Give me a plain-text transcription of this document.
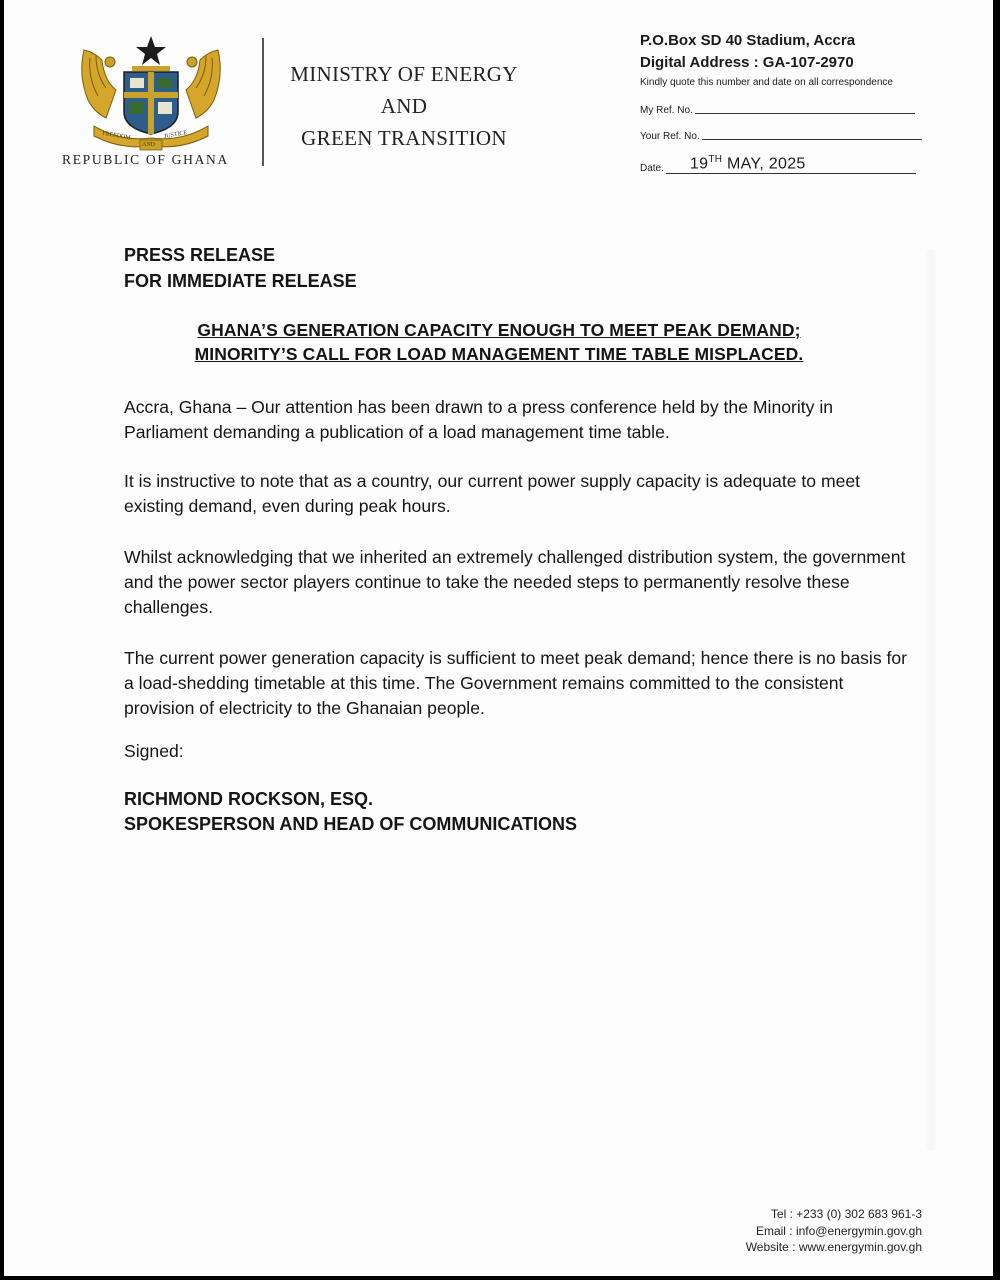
FREEDOM	JUSTICE
AND
REPUBLIC OF GHANA
MINISTRY OF ENERGY
AND
GREEN TRANSITION
P.O.Box SD 40 Stadium, Accra
Digital Address : GA-107-2970
Kindly quote this number and date on all correspondence
My Ref. No.
Your Ref. No.
Date.	19TH MAY, 2025
PRESS RELEASE
FOR IMMEDIATE RELEASE
GHANA’S GENERATION CAPACITY ENOUGH TO MEET PEAK DEMAND;
MINORITY’S CALL FOR LOAD MANAGEMENT TIME TABLE MISPLACED.
Accra, Ghana – Our attention has been drawn to a press conference held by the Minority in Parliament demanding a publication of a load management time table.
It is instructive to note that as a country, our current power supply capacity is adequate to meet existing demand, even during peak hours.
Whilst acknowledging that we inherited an extremely challenged distribution system, the government and the power sector players continue to take the needed steps to permanently resolve these challenges.
The current power generation capacity is sufficient to meet peak demand; hence there is no basis for a load-shedding timetable at this time. The Government remains committed to the consistent provision of electricity to the Ghanaian people.
Signed:
RICHMOND ROCKSON, ESQ.
SPOKESPERSON AND HEAD OF COMMUNICATIONS
Tel : +233 (0) 302 683 961-3
Email : info@energymin.gov.gh
Website : www.energymin.gov.gh
